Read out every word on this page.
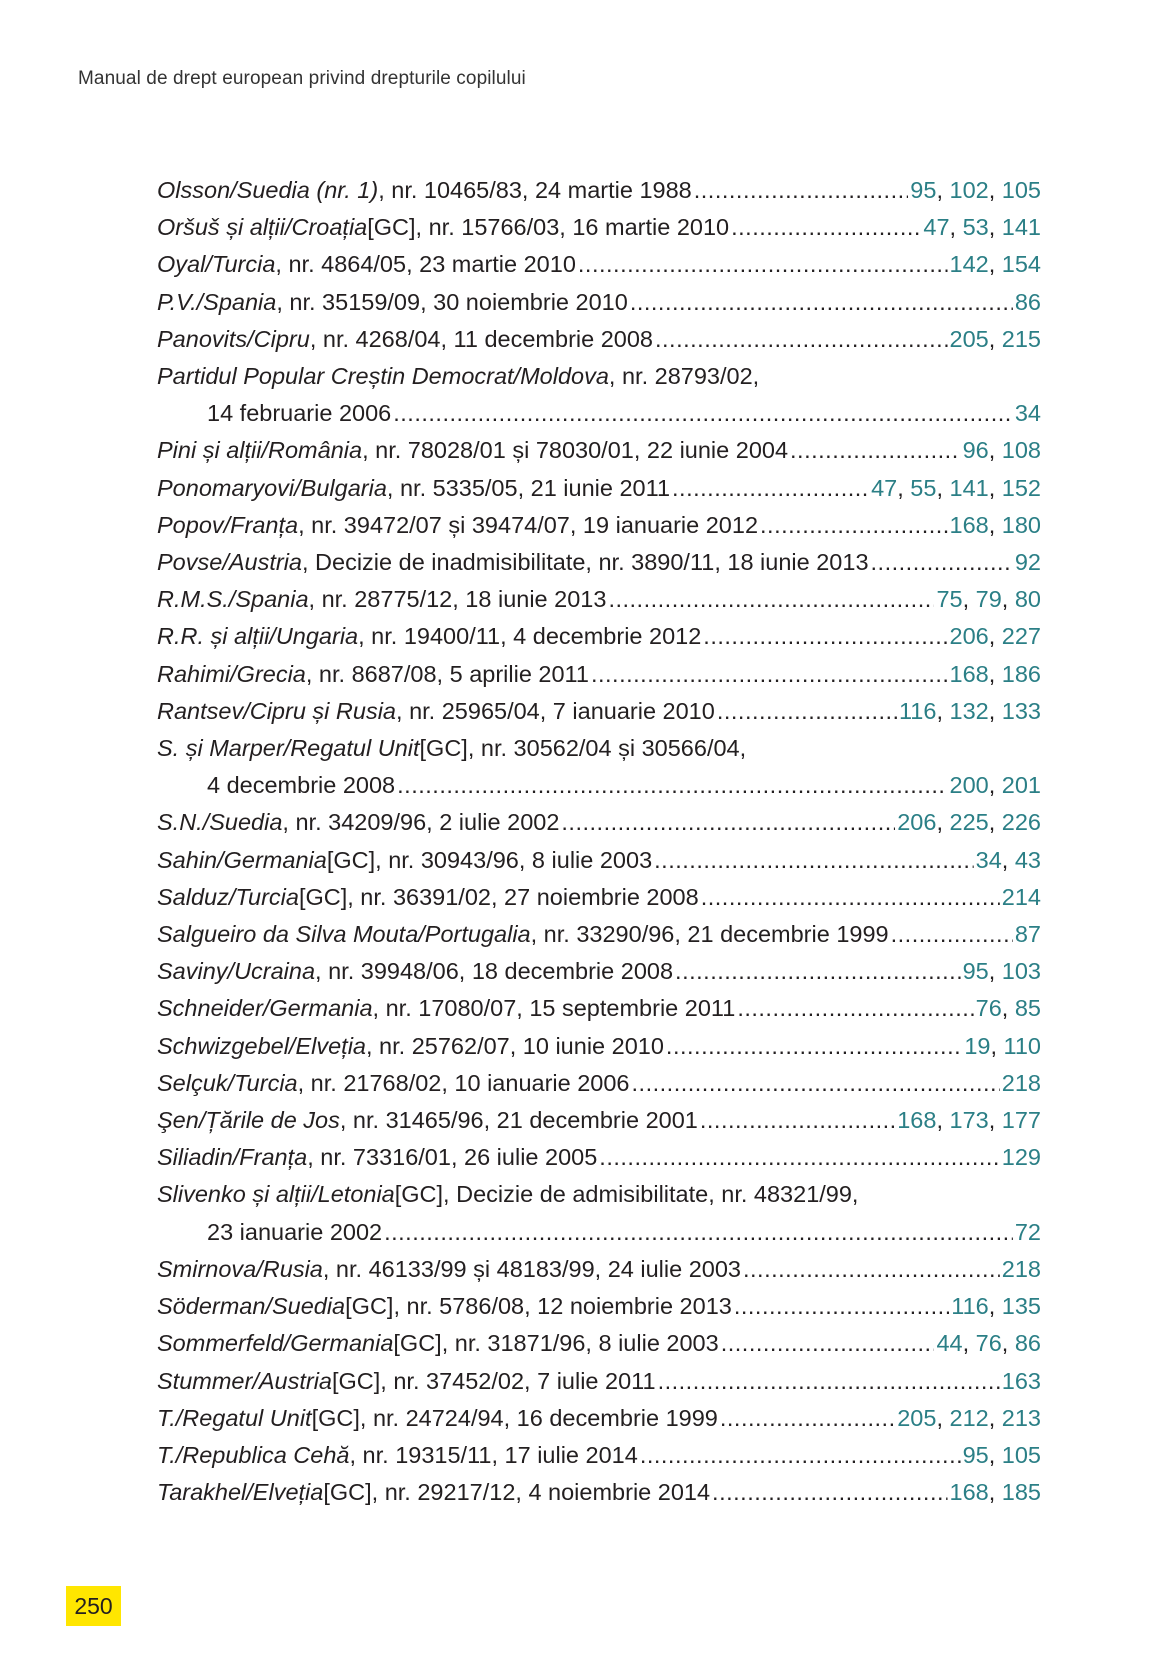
Manual de drept european privind drepturile copilului
Olsson/Suedia (nr. 1) , nr. 10465/83, 24 martie 1988 .....	95, 102, 105
Oršuš și alții/Croația [GC], nr. 15766/03, 16 martie 2010 .....	47, 53, 141
Oyal/Turcia , nr. 4864/05, 23 martie 2010 .....	142, 154
P.V./Spania , nr. 35159/09, 30 noiembrie 2010 .....	86
Panovits/Cipru , nr. 4268/04, 11 decembrie 2008 .....	205, 215
Partidul Popular Creștin Democrat/Moldova , nr. 28793/02,
14 februarie 2006 .....	34
Pini și alții/România , nr. 78028/01 și 78030/01, 22 iunie 2004 .....	96, 108
Ponomaryovi/Bulgaria , nr. 5335/05, 21 iunie 2011 .....	47, 55, 141, 152
Popov/Franța , nr. 39472/07 și 39474/07, 19 ianuarie 2012 .....	168, 180
Povse/Austria , Decizie de inadmisibilitate, nr. 3890/11, 18 iunie 2013 .....	92
R.M.S./Spania , nr. 28775/12, 18 iunie 2013 .....	75, 79, 80
R.R. și alții/Ungaria , nr. 19400/11, 4 decembrie 2012 .....	206, 227
Rahimi/Grecia , nr. 8687/08, 5 aprilie 2011 .....	168, 186
Rantsev/Cipru și Rusia , nr. 25965/04, 7 ianuarie 2010 .....	116, 132, 133
S. și Marper/Regatul Unit [GC], nr. 30562/04 și 30566/04,
4 decembrie 2008 .....	200, 201
S.N./Suedia , nr. 34209/96, 2 iulie 2002 .....	206, 225, 226
Sahin/Germania [GC], nr. 30943/96, 8 iulie 2003 .....	34, 43
Salduz/Turcia [GC], nr. 36391/02, 27 noiembrie 2008 .....	214
Salgueiro da Silva Mouta/Portugalia , nr. 33290/96, 21 decembrie 1999 .....	87
Saviny/Ucraina , nr. 39948/06, 18 decembrie 2008 .....	95, 103
Schneider/Germania , nr. 17080/07, 15 septembrie 2011 .....	76, 85
Schwizgebel/Elveția , nr. 25762/07, 10 iunie 2010 .....	19, 110
Selçuk/Turcia , nr. 21768/02, 10 ianuarie 2006 .....	218
Şen/Țările de Jos , nr. 31465/96, 21 decembrie 2001 .....	168, 173, 177
Siliadin/Franța , nr. 73316/01, 26 iulie 2005 .....	129
Slivenko și alții/Letonia [GC], Decizie de admisibilitate, nr. 48321/99,
23 ianuarie 2002 .....	72
Smirnova/Rusia , nr. 46133/99 și 48183/99, 24 iulie 2003 .....	218
Söderman/Suedia [GC], nr. 5786/08, 12 noiembrie 2013 .....	116, 135
Sommerfeld/Germania [GC], nr. 31871/96, 8 iulie 2003 .....	44, 76, 86
Stummer/Austria [GC], nr. 37452/02, 7 iulie 2011 .....	163
T./Regatul Unit [GC], nr. 24724/94, 16 decembrie 1999 .....	205, 212, 213
T./Republica Cehă , nr. 19315/11, 17 iulie 2014 .....	95, 105
Tarakhel/Elveția [GC], nr. 29217/12, 4 noiembrie 2014 .....	168, 185
250
